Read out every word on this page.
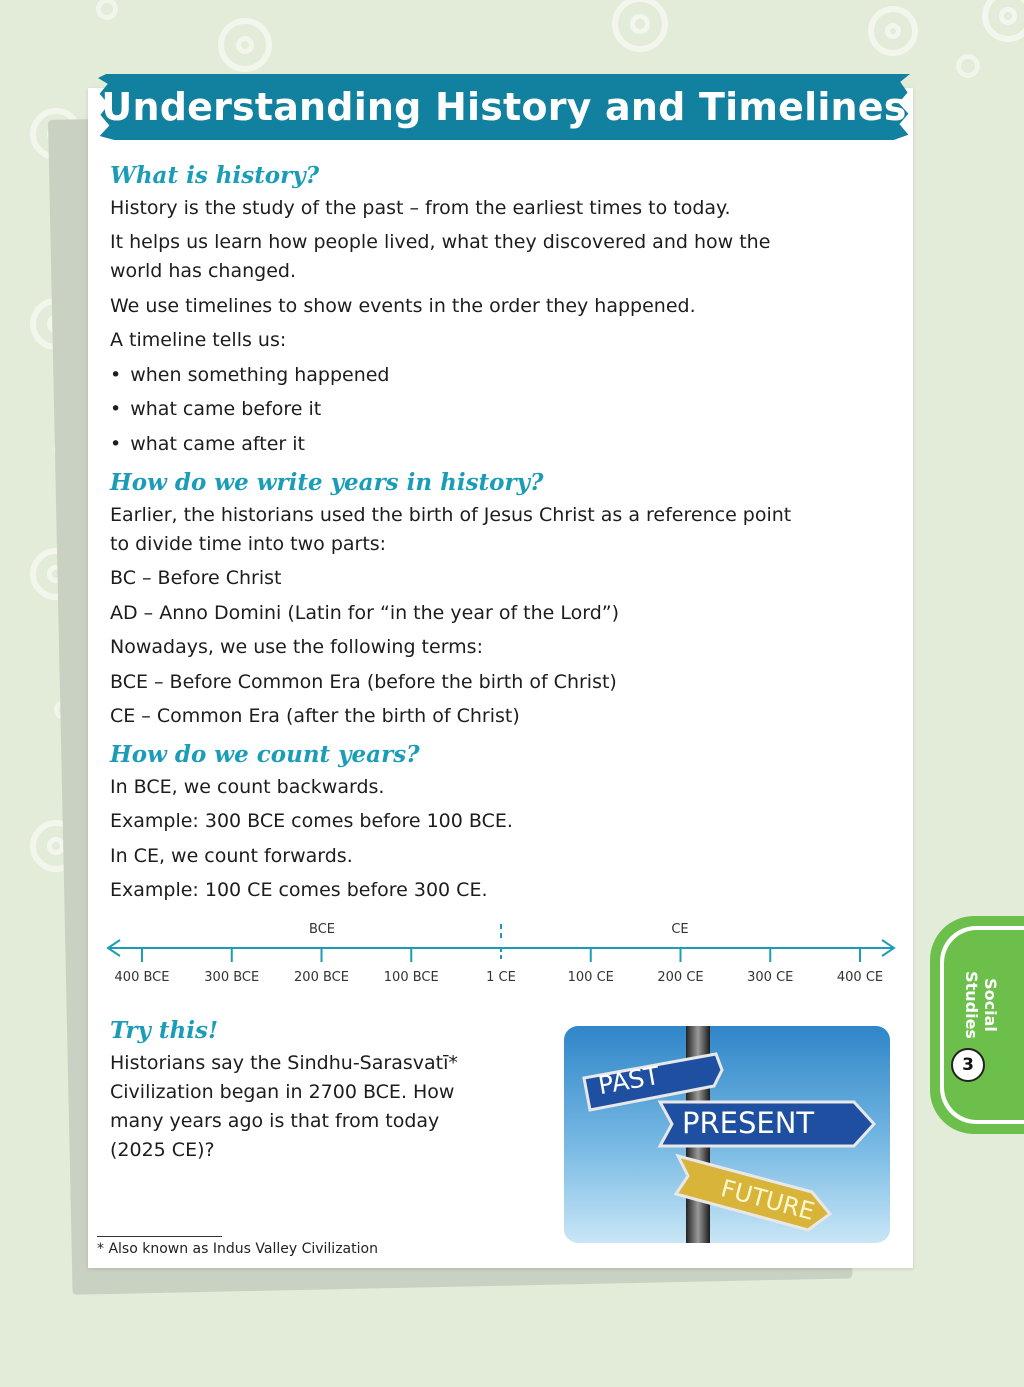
Understanding History and Timelines
What is history?
History is the study of the past – from the earliest times to today.
It helps us learn how people lived, what they discovered and how the
world has changed.
We use timelines to show events in the order they happened.
A timeline tells us:
• when something happened
• what came before it
• what came after it
How do we write years in history?
Earlier, the historians used the birth of Jesus Christ as a reference point
to divide time into two parts:
BC – Before Christ
AD – Anno Domini (Latin for “in the year of the Lord”)
Nowadays, we use the following terms:
BCE – Before Common Era (before the birth of Christ)
CE – Common Era (after the birth of Christ)
How do we count years?
In BCE, we count backwards.
Example: 300 BCE comes before 100 BCE.
In CE, we count forwards.
Example: 100 CE comes before 300 CE.
BCE	CE
400 BCE	300 BCE	200 BCE	100 BCE	1 CE	100 CE	200 CE	300 CE	400 CE
Try this!
Historians say the Sindhu-Sarasvatī*
Civilization began in 2700 BCE. How
many years ago is that from today
(2025 CE)?
PAST
PRESENT
FUTURE
* Also known as Indus Valley Civilization
Social
Studies
3
